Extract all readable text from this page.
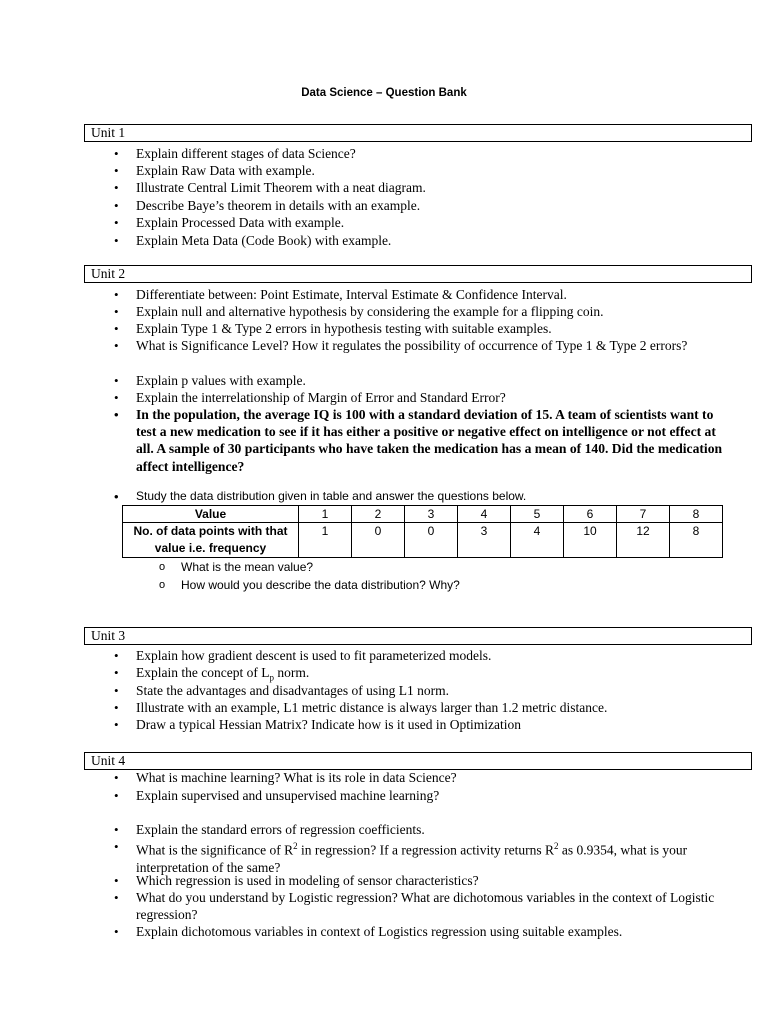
Data Science – Question Bank
Unit 1
• Explain different stages of data Science?
• Explain Raw Data with example.
• Illustrate Central Limit Theorem with a neat diagram.
• Describe Baye’s theorem in details with an example.
• Explain Processed Data with example.
• Explain Meta Data (Code Book) with example.
Unit 2
• Differentiate between: Point Estimate, Interval Estimate & Confidence Interval.
• Explain null and alternative hypothesis by considering the example for a flipping coin.
• Explain Type 1 & Type 2 errors in hypothesis testing with suitable examples.
• What is Significance Level? How it regulates the possibility of occurrence of Type 1 & Type 2 errors?
• Explain p values with example.
• Explain the interrelationship of Margin of Error and Standard Error?
• In the population, the average IQ is 100 with a standard deviation of 15. A team of scientists want to test a new medication to see if it has either a positive or negative effect on intelligence or not effect at all. A sample of 30 participants who have taken the medication has a mean of 140. Did the medication affect intelligence?
• Study the data distribution given in table and answer the questions below.
Value	1	2	3	4	5	6	7	8
No. of data points with that value i.e. frequency	1	0	0	3	4	10	12	8
o What is the mean value?
o How would you describe the data distribution? Why?
Unit 3
• Explain how gradient descent is used to fit parameterized models.
• Explain the concept of $L_p$ norm.
• State the advantages and disadvantages of using L1 norm.
• Illustrate with an example, L1 metric distance is always larger than 1.2 metric distance.
• Draw a typical Hessian Matrix? Indicate how is it used in Optimization
Unit 4
• What is machine learning? What is its role in data Science?
• Explain supervised and unsupervised machine learning?
• Explain the standard errors of regression coefficients.
• What is the significance of $R^2$ in regression? If a regression activity returns $R^2$ as 0.9354, what is your interpretation of the same?
• Which regression is used in modeling of sensor characteristics?
• What do you understand by Logistic regression? What are dichotomous variables in the context of Logistic regression?
• Explain dichotomous variables in context of Logistics regression using suitable examples.
